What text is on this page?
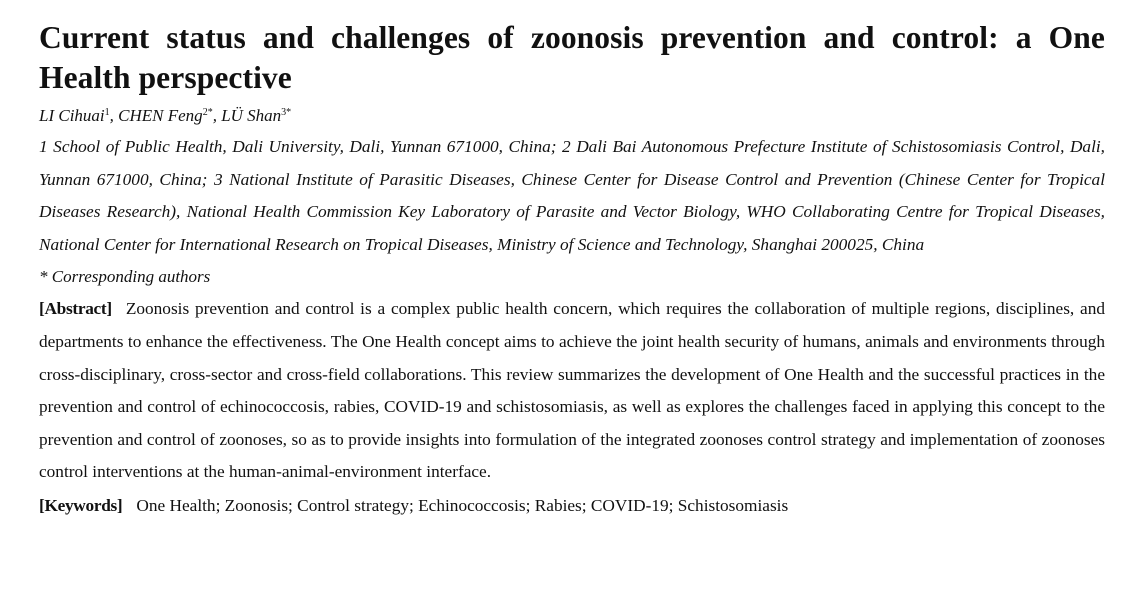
Current status and challenges of zoonosis prevention and control: a One Health perspective
LI Cihuai$^1$, CHEN Feng$^{2*}$, LÜ Shan$^{3*}$
1 School of Public Health, Dali University, Dali, Yunnan 671000, China; 2 Dali Bai Autonomous Prefecture Institute of Schistosomiasis Control, Dali, Yunnan 671000, China; 3 National Institute of Parasitic Diseases, Chinese Center for Disease Control and Prevention (Chinese Center for Tropical Diseases Research), National Health Commission Key Laboratory of Parasite and Vector Biology, WHO Collaborating Centre for Tropical Diseases, National Center for International Research on Tropical Diseases, Ministry of Science and Technology, Shanghai 200025, China
* Corresponding authors
[Abstract] Zoonosis prevention and control is a complex public health concern, which requires the collaboration of multiple regions, disciplines, and departments to enhance the effectiveness. The One Health concept aims to achieve the joint health security of humans, animals and environments through cross-disciplinary, cross-sector and cross-field collaborations. This review summarizes the development of One Health and the successful practices in the prevention and control of echinococcosis, rabies, COVID-19 and schistosomiasis, as well as explores the challenges faced in applying this concept to the prevention and control of zoonoses, so as to provide insights into formulation of the integrated zoonoses control strategy and implementation of zoonoses control interventions at the human-animal-environment interface.
[Keywords] One Health; Zoonosis; Control strategy; Echinococcosis; Rabies; COVID-19; Schistosomiasis
